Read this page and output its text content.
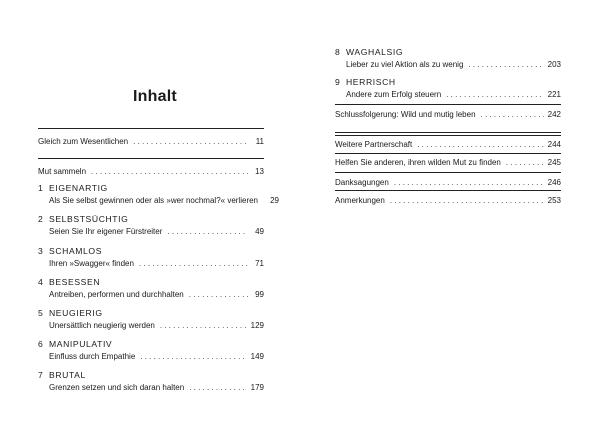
Inhalt
Gleich zum Wesentlichen . . .	11
Mut sammeln . . .	13
1 EIGENARTIG
Als Sie selbst gewinnen oder als »wer nochmal?« verlieren	29
2 SELBSTSÜCHTIG
Seien Sie Ihr eigener Fürstreiter . . .	49
3 SCHAMLOS
Ihren »Swagger« finden . . .	71
4 BESESSEN
Antreiben, performen und durchhalten . . .	99
5 NEUGIERIG
Unersättlich neugierig werden . . .	129
6 MANIPULATIV
Einfluss durch Empathie . . .	149
7 BRUTAL
Grenzen setzen und sich daran halten . . .	179
8 WAGHALSIG
Lieber zu viel Aktion als zu wenig . . .	203
9 HERRISCH
Andere zum Erfolg steuern . . .	221
Schlussfolgerung: Wild und mutig leben . . .	242
Weitere Partnerschaft . . .	244
Helfen Sie anderen, ihren wilden Mut zu finden . . .	245
Danksagungen . . .	246
Anmerkungen . . .	253
